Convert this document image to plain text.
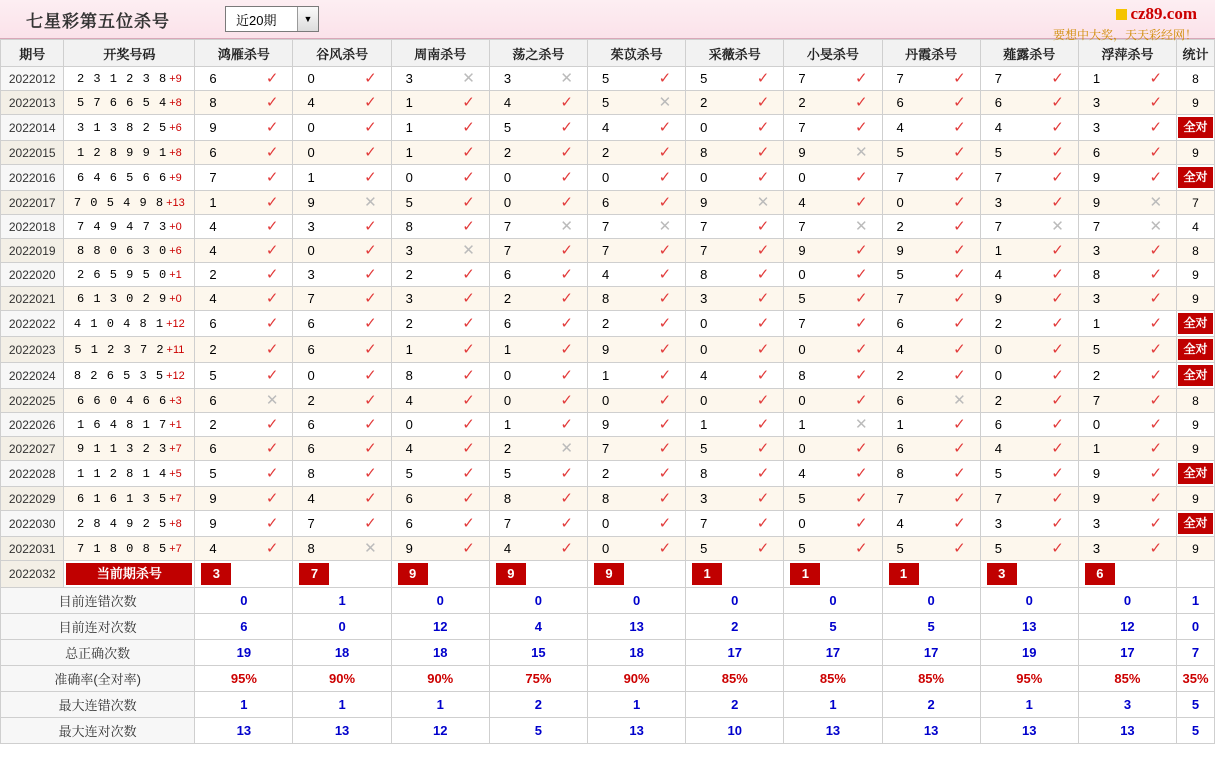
七星彩第五位杀号	近20期	▼	cz89.com
要想中大奖，天天彩经网！
期号	开奖号码	鸿雁杀号	谷风杀号	周南杀号	荡之杀号	茱苡杀号	采薇杀号	小旻杀号	丹霞杀号	薤露杀号	浮萍杀号	统计
2022012	2 3 1 2 3 8 +9	6 ✓	0 ✓	3 ✕	3 ✕	5 ✓	5 ✓	7 ✓	7 ✓	7 ✓	1 ✓	8
2022013	5 7 6 6 5 4 +8	8 ✓	4 ✓	1 ✓	4 ✓	5 ✕	2 ✓	2 ✓	6 ✓	6 ✓	3 ✓	9
2022014	3 1 3 8 2 5 +6	9 ✓	0 ✓	1 ✓	5 ✓	4 ✓	0 ✓	7 ✓	4 ✓	4 ✓	3 ✓	全对

2022015	1 2 8 9 9 1 +8	6 ✓	0 ✓	1 ✓	2 ✓	2 ✓	8 ✓	9 ✕	5 ✓	5 ✓	6 ✓	9
2022016	6 4 6 5 6 6 +9	7 ✓	1 ✓	0 ✓	0 ✓	0 ✓	0 ✓	0 ✓	7 ✓	7 ✓	9 ✓	全对

2022017	7 0 5 4 9 8 +13	1 ✓	9 ✕	5 ✓	0 ✓	6 ✓	9 ✕	4 ✓	0 ✓	3 ✓	9 ✕	7
2022018	7 4 9 4 7 3 +0	4 ✓	3 ✓	8 ✓	7 ✕	7 ✕	7 ✓	7 ✕	2 ✓	7 ✕	7 ✕	4
2022019	8 8 0 6 3 0 +6	4 ✓	0 ✓	3 ✕	7 ✓	7 ✓	7 ✓	9 ✓	9 ✓	1 ✓	3 ✓	8
2022020	2 6 5 9 5 0 +1	2 ✓	3 ✓	2 ✓	6 ✓	4 ✓	8 ✓	0 ✓	5 ✓	4 ✓	8 ✓	9
2022021	6 1 3 0 2 9 +0	4 ✓	7 ✓	3 ✓	2 ✓	8 ✓	3 ✓	5 ✓	7 ✓	9 ✓	3 ✓	9
2022022	4 1 0 4 8 1 +12	6 ✓	6 ✓	2 ✓	6 ✓	2 ✓	0 ✓	7 ✓	6 ✓	2 ✓	1 ✓	全对

2022023	5 1 2 3 7 2 +11	2 ✓	6 ✓	1 ✓	1 ✓	9 ✓	0 ✓	0 ✓	4 ✓	0 ✓	5 ✓	全对

2022024	8 2 6 5 3 5 +12	5 ✓	0 ✓	8 ✓	0 ✓	1 ✓	4 ✓	8 ✓	2 ✓	0 ✓	2 ✓	全对

2022025	6 6 0 4 6 6 +3	6 ✕	2 ✓	4 ✓	0 ✓	0 ✓	0 ✓	0 ✓	6 ✕	2 ✓	7 ✓	8
2022026	1 6 4 8 1 7 +1	2 ✓	6 ✓	0 ✓	1 ✓	9 ✓	1 ✓	1 ✕	1 ✓	6 ✓	0 ✓	9
2022027	9 1 1 3 2 3 +7	6 ✓	6 ✓	4 ✓	2 ✕	7 ✓	5 ✓	0 ✓	6 ✓	4 ✓	1 ✓	9
2022028	1 1 2 8 1 4 +5	5 ✓	8 ✓	5 ✓	5 ✓	2 ✓	8 ✓	4 ✓	8 ✓	5 ✓	9 ✓	全对

2022029	6 1 6 1 3 5 +7	9 ✓	4 ✓	6 ✓	8 ✓	8 ✓	3 ✓	5 ✓	7 ✓	7 ✓	9 ✓	9
2022030	2 8 4 9 2 5 +8	9 ✓	7 ✓	6 ✓	7 ✓	0 ✓	7 ✓	0 ✓	4 ✓	3 ✓	3 ✓	全对

2022031	7 1 8 0 8 5 +7	4 ✓	8 ✕	9 ✓	4 ✓	0 ✓	5 ✓	5 ✓	5 ✓	5 ✓	3 ✓	9
2022032	当前期杀号	3	7	9	9	9	1	1	1	3	6	

目前连错次数		0	1	0	0	0	0	0	0	0	0	1
目前连对次数		6	0	12	4	13	2	5	5	13	12	0
总正确次数		19	18	18	15	18	17	17	17	19	17	7
准确率(全对率)		95%	90%	90%	75%	90%	85%	85%	85%	95%	85%	35%
最大连错次数		1	1	1	2	1	2	1	2	1	3	5
最大连对次数		13	13	12	5	13	10	13	13	13	13	5
